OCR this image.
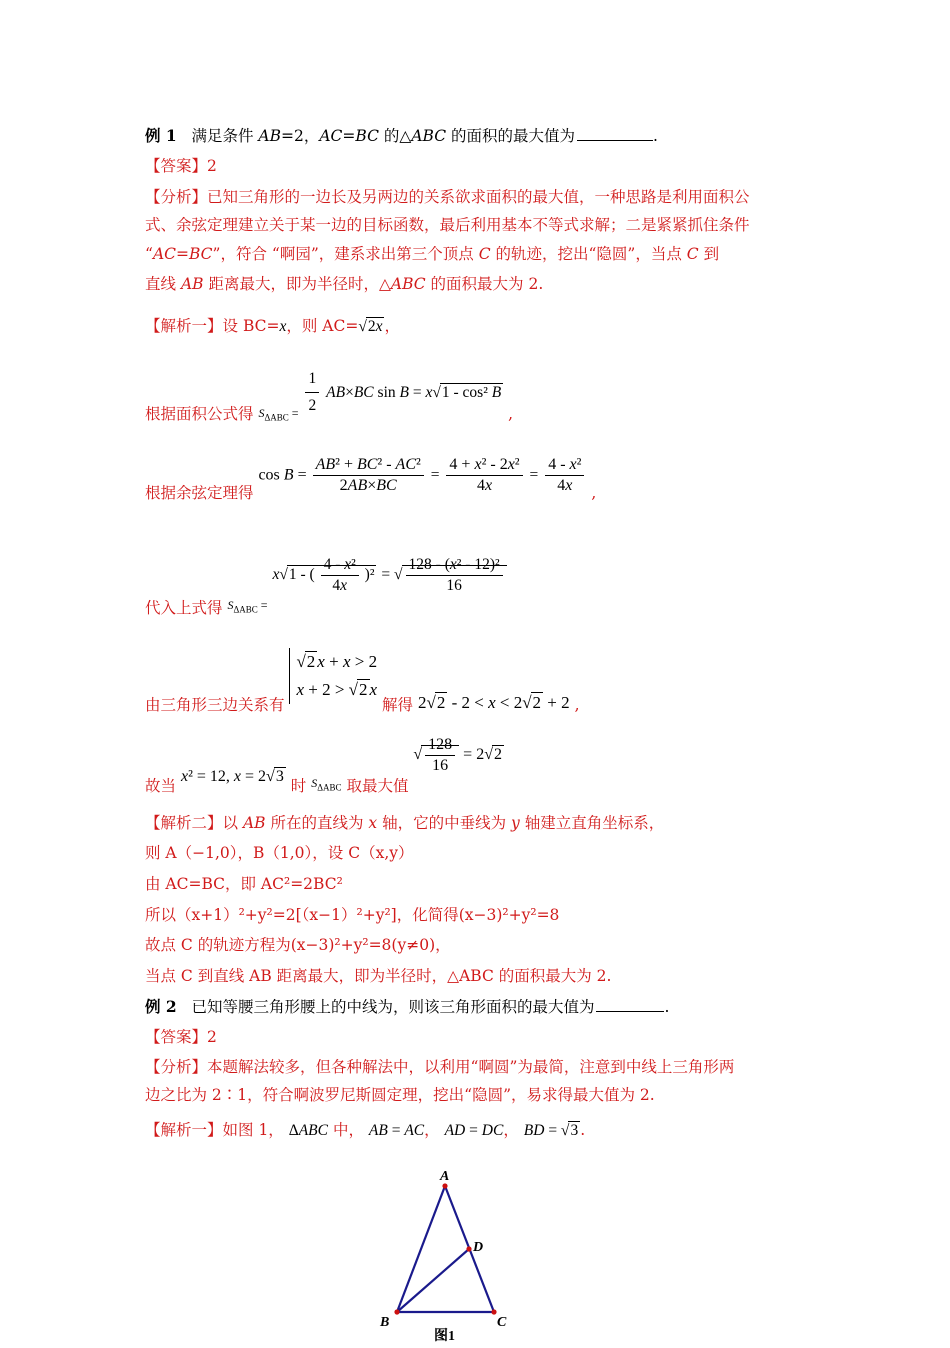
例 1 满足条件 AB=2，AC=BC 的△ABC 的面积的最大值为	.
【答案】2
【分析】已知三角形的一边长及另两边的关系欲求面积的最大值，一种思路是利用面积公
式、余弦定理建立关于某一边的目标函数，最后利用基本不等式求解；二是紧紧抓住条件
“AC=BC”，符合 “啊园”，建系求出第三个顶点 C 的轨迹，挖出“隐圆”，当点 C 到
直线 AB 距离最大，即为半径时，△ABC 的面积最大为 2.
【解析一】设 BC=x，则 AC=√2x ，
根据面积公式得 $_{S_{\Delta ABC} =} \frac{1}{2} AB\times BC$ sin B = x√1 - cos² B ,
根据余弦定理得 $\cos B = \frac{\text{AB² + BC² - AC²}}{2AB\times BC} = \frac{\text{4 + x² - 2x²}}{4x} = \frac{\text{4 - x²}}{4x}$ ,
代入上式得 $_{S_{\Delta ABC} =}$ x√1 - ( $\frac{\text{4 - x²}}{4x} )^2$ = √ $\frac{\text{128 - (x² - 12)²}}{16}$
由三角形三边关系有 √2 x + x > 2
x + 2 > √2 x 解得 2√2 - 2 < x < 2√2 + 2 ,
故当 x² = 12, x = 2√3 时 $_{S_{\Delta ABC}}$ 取最大值 √ $\frac{128}{16} = 2√2$
【解析二】以 AB 所在的直线为 x 轴，它的中垂线为 y 轴建立直角坐标系，
则 A（−1,0），B（1,0），设 C（x,y）
由 AC=BC，即 AC²=2BC²
所以（x+1）²+y²=2[（x−1）²+y²]，化简得(x−3)²+y²=8
故点 C 的轨迹方程为(x−3)²+y²=8(y≠0)，
当点 C 到直线 AB 距离最大，即为半径时，△ABC 的面积最大为 2.
例 2 已知等腰三角形腰上的中线为，则该三角形面积的最大值为	.
【答案】2
【分析】本题解法较多，但各种解法中，以利用“啊圆”为最简，注意到中线上三角形两
边之比为 2∶1，符合啊波罗尼斯圆定理，挖出“隐圆”，易求得最大值为 2.
【解析一】如图 1， ΔABC 中， AB = AC， AD = DC， BD = √3 .
A
D
B	C
图1
